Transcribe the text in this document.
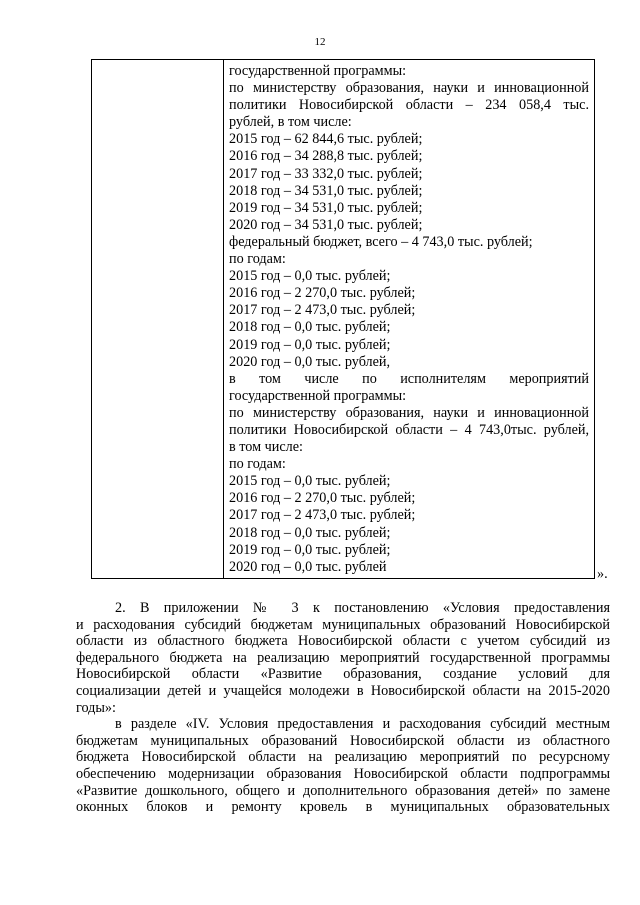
12
государственной программы:
по министерству образования, науки и инновационной
политики Новосибирской области – 234 058,4 тыс.
рублей, в том числе:
2015 год – 62 844,6 тыс. рублей;
2016 год – 34 288,8 тыс. рублей;
2017 год – 33 332,0 тыс. рублей;
2018 год – 34 531,0 тыс. рублей;
2019 год – 34 531,0 тыс. рублей;
2020 год – 34 531,0 тыс. рублей;
федеральный бюджет, всего – 4 743,0 тыс. рублей;
по годам:
2015 год – 0,0 тыс. рублей;
2016 год – 2 270,0 тыс. рублей;
2017 год – 2 473,0 тыс. рублей;
2018 год – 0,0 тыс. рублей;
2019 год – 0,0 тыс. рублей;
2020 год – 0,0 тыс. рублей,
в том числе по исполнителям мероприятий
государственной программы:
по министерству образования, науки и инновационной
политики Новосибирской области – 4 743,0тыс. рублей,
в том числе:
по годам:
2015 год – 0,0 тыс. рублей;
2016 год – 2 270,0 тыс. рублей;
2017 год – 2 473,0 тыс. рублей;
2018 год – 0,0 тыс. рублей;
2019 год – 0,0 тыс. рублей;
2020 год – 0,0 тыс. рублей	».
2. В приложении № 3 к постановлению «Условия предоставления
и расходования субсидий бюджетам муниципальных образований Новосибирской
области из областного бюджета Новосибирской области с учетом субсидий из
федерального бюджета на реализацию мероприятий государственной программы
Новосибирской области «Развитие образования, создание условий для
социализации детей и учащейся молодежи в Новосибирской области на 2015-2020
годы»:
в разделе «IV. Условия предоставления и расходования субсидий местным
бюджетам муниципальных образований Новосибирской области из областного
бюджета Новосибирской области на реализацию мероприятий по ресурсному
обеспечению модернизации образования Новосибирской области подпрограммы
«Развитие дошкольного, общего и дополнительного образования детей» по замене
оконных блоков и ремонту кровель в муниципальных образовательных
